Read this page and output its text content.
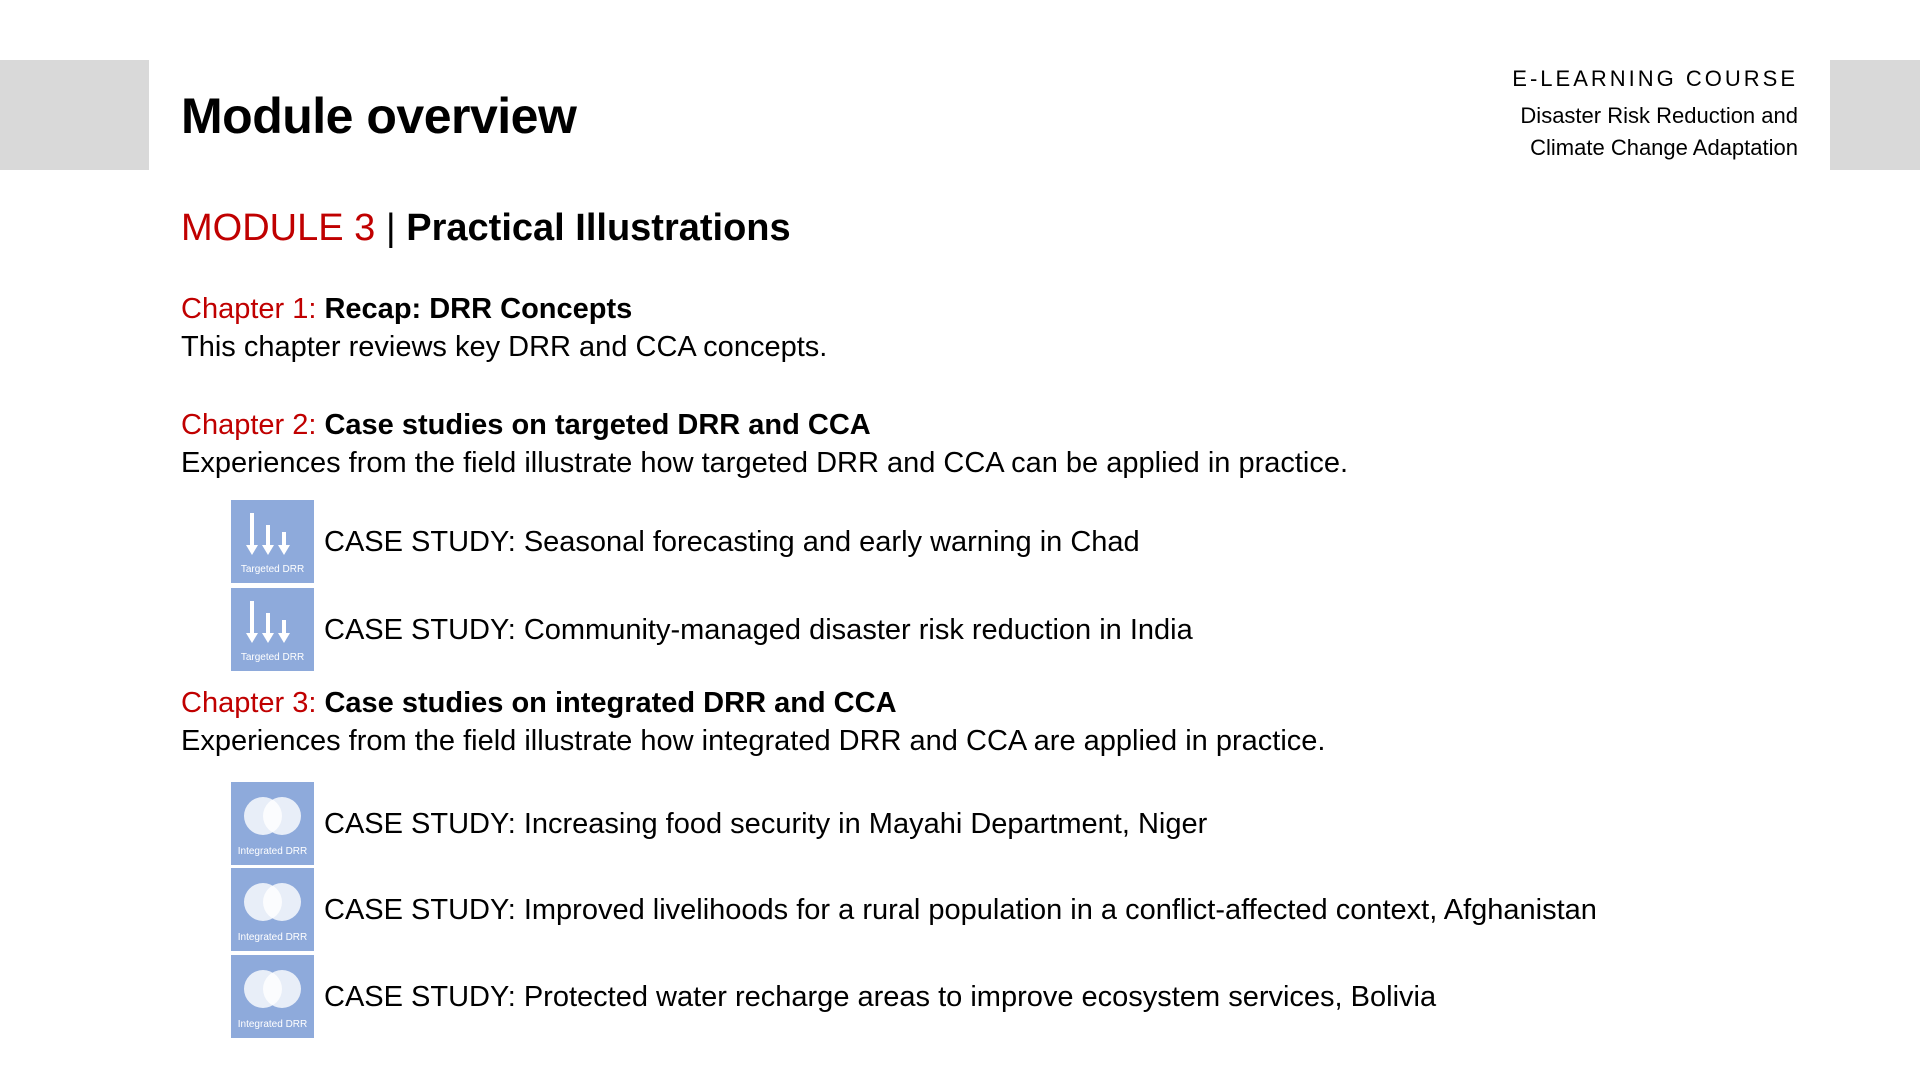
Module overview
E-LEARNING COURSE
Disaster Risk Reduction and
Climate Change Adaptation
MODULE 3 | Practical Illustrations
Chapter 1: Recap: DRR Concepts
This chapter reviews key DRR and CCA concepts.
Chapter 2: Case studies on targeted DRR and CCA
Experiences from the field illustrate how targeted DRR and CCA can be applied in practice.
Targeted DRR
CASE STUDY: Seasonal forecasting and early warning in Chad
Targeted DRR
CASE STUDY: Community-managed disaster risk reduction in India
Chapter 3: Case studies on integrated DRR and CCA
Experiences from the field illustrate how integrated DRR and CCA are applied in practice.
Integrated DRR
CASE STUDY: Increasing food security in Mayahi Department, Niger
Integrated DRR
CASE STUDY: Improved livelihoods for a rural population in a conflict-affected context, Afghanistan
Integrated DRR
CASE STUDY: Protected water recharge areas to improve ecosystem services, Bolivia
